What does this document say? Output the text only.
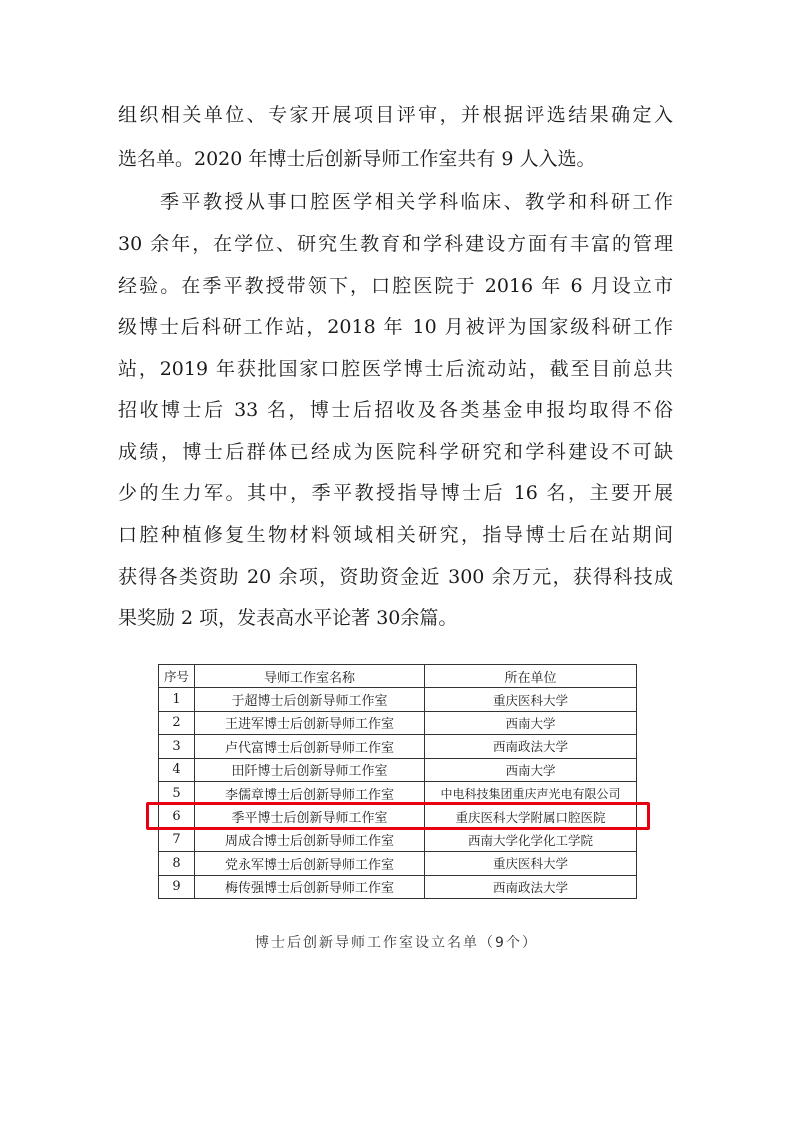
组织相关单位、专家开展项目评审，并根据评选结果确定入
选名单。2020 年博士后创新导师工作室共有 9 人入选。
季平教授从事口腔医学相关学科临床、教学和科研工作
30 余年，在学位、研究生教育和学科建设方面有丰富的管理
经验。在季平教授带领下，口腔医院于 2016 年 6 月设立市
级博士后科研工作站，2018 年 10 月被评为国家级科研工作
站，2019 年获批国家口腔医学博士后流动站，截至目前总共
招收博士后 33 名，博士后招收及各类基金申报均取得不俗
成绩，博士后群体已经成为医院科学研究和学科建设不可缺
少的生力军。其中，季平教授指导博士后 16 名，主要开展
口腔种植修复生物材料领域相关研究，指导博士后在站期间
获得各类资助 20 余项，资助资金近 300 余万元，获得科技成
果奖励 2 项，发表高水平论著 30余篇。
序号	导师工作室名称	所在单位
1	于超博士后创新导师工作室	重庆医科大学
2	王进军博士后创新导师工作室	西南大学
3	卢代富博士后创新导师工作室	西南政法大学
4	田阡博士后创新导师工作室	西南大学
5	李儒章博士后创新导师工作室	中电科技集团重庆声光电有限公司
6	季平博士后创新导师工作室	重庆医科大学附属口腔医院
7	周成合博士后创新导师工作室	西南大学化学化工学院
8	党永军博士后创新导师工作室	重庆医科大学
9	梅传强博士后创新导师工作室	西南政法大学
博士后创新导师工作室设立名单（9个）
